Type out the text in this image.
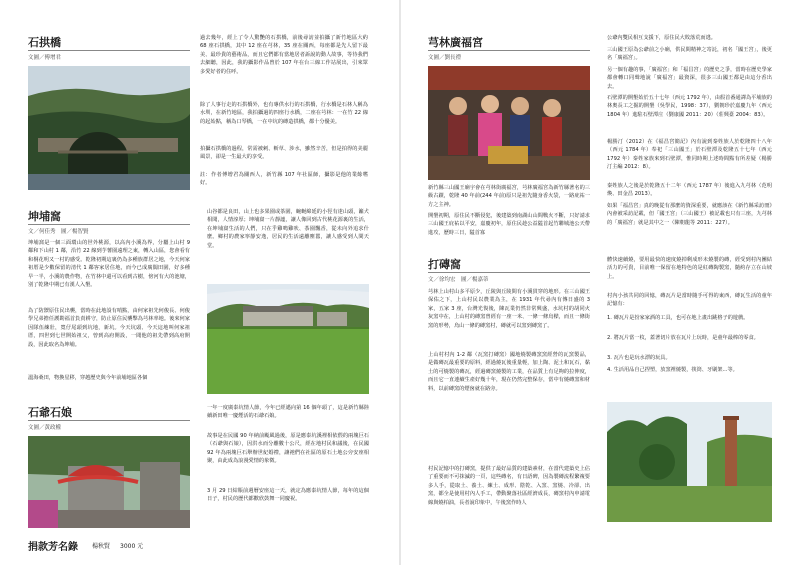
石拱橋
文圖／傅增君
過去幾年，經上了令人驚艷的石拱橋，前後尋訪並拍攝了新竹地區大約 68 座石拱橋，其中 12 座在芎林，35 座在關西，每座都是先人留下最美、最珍貴的藝術品，而且它們都有當地居者訴說的動人故事，等待我們去細聽，因此，我的攝影作品曾於 107 年在台三線工作站展出，引來眾多愛好者的住呼。
除了人事行走的石拱橋外，也有專供水行的石拱橋，行水橋是石林人稱為水圳，在新竹地區，我拍攝過的四座行水橋，二座在芎林：一在竹 22 線的起始點，稱為口琴橋，一在中坑的磚造拱橋，都十分優美。
拍攝石拱橋的過程，常需被剌、斬草、涉水，雖然辛苦，但是拍得的美麗風景，卻是一生最大的享受。
註：作者傅增君為關西人，新竹縣 107 年社區師，攝影是他的業餘嗜好。
坤埔窩
文／何佳秀　圖／楊智賢
坤埔窩是一個三面環山的世外桃源，以高內小溪為界，分屬上山村 9 鄰和下山村 1 鄰，沿竹 22 線到芋薯園遠理之東，轉入山區，您會看有和桐花明又一村的感受。乾隆初期這裏仍為多種族群居之地，今天何家祖厝是少數保留的清代 1 鄰客家居住地，而今已成廣闊田園，好多種早一半，小溪的農作物，在竹林中還可以看到古樹，傍河有大的池塘，別了乾隆中期已有漢人入墾。
為了防禦原住民出襲，當時在此地設有哨點，由何家祖先何俊長、何俊學兄弟擔任護勘福首負責耕守，防止原住民襲擊為芎林率地。後來何家因隊伍練壯，寬仔尾頭到坑地，新坑。今天坑頭、今天這地叫何家祖厝，四世到七世開始祖父，曾到高府開設，一聞他的祖先帶到高府開設，因此取名為坤埔。
溫海桑田，物換星移，穿越歷史與今年前埔地區各個
山谷都是良田，山上也多果園或茶園，蜿蜒綿延的小徑有達山頭，籬犬相聞，人情淳厚；坤埔窩一片靜謐，讓人像回到古代桃花源裏的生活，在坤埔窩生活的人們，只在乎雞鳴雞吠、茶園飄香，從未向外追求什麼。鄉村的農家寧靜安逸，居民的生活遠離塵囂，讓人感受到人間天堂。
石爺石娘
文圖／黃政權
一年一度廣泰坑情人節，今年已經邁向第 16 個年頭了，這是新竹縣陸續新田唯一慶煙活的石爺石娘。
故事是在民國 90 年納前颱風過後，原是應泰坑溪裡相依偎的兩塊巨石（石爺與石娘），因洪水而分離數十公尺，經在地村民和議後，在民國 92 年為兩塊巨石舉辦世紀婚禮，讓祂們在社區的原石土地公旁安座相聚，由此成為浪漫愛情的象徵。
3 月 29 日結賬前週曆安座這一天，就定為應泰坑情人節，每年的這個日子，村民的歷代都歡欣鼓舞一同慶祝。
捐款芳名錄 楊秋賢 3000 元
芎林廣福宮
文圖／劉長禮
新竹縣三山國王廟宇會在芎林街廣福宮，芎林廣福宮為新竹縣著名的三級古蹟，乾隆 40 年前(244 年前)原只是祖先隨身香火袋，一路庇祐一方之主神。
開墾初期，原住民不斷侵犯，後建築到南湖山山間戰火不斷，只好請求三山國王庇祐以平安，嘉慶初年，原住民趁公益隘首起竹聯城池公天帶進攻，歷時三日，隘首寡
公爺內雙民相互支援下，原住民大敗落荒而逃。
三山國王原為公爺前之小廟，供民間精神之寄託，初名「國王宮」，後更名「廣福宮」。
另一個有趣的事，「廣福宮」和「福昌宮」的歷史之爭，當時在歷史學家都會轉口同聲地說「廣福宮」最資深，很多三山國王都是由這分香出去。
石壁潭的開墾始於五十七年（西元 1792 年），由徦首番通譯為平埔族的林奧長工之掘的開墾（吳學民，1998：37），劉朝珍於嘉慶九年（西元 1804 年）進駐石壁潭庄（劉康國 2011：20）（莊興臺 2004：83）。
楊勝汀（2012）在《福昌宮簡記》內有說到秦姓族人於乾隆四十八年（西元 1784 年）奉祀「三山國王」於石壁潭及乾隆五十七年（西元 1792 年）秦姓家族來到石壁潭，惟同時期上述時間點有所差疑（楊勝汀主編 2012：8）。
秦姓族人之後是於乾隆五十二年（西元 1787 年）後進入九芎林（范明煥、田金昌 2013）。
如果「福昌宮」真的晚從有那麼的資深重要，就應該在《新竹縣采訪冊》內會被采訪記載，但「國王宮」（三山國王）被記載也只有三座，九芎林的「廣福宮」就是其中之一（陳朝龍等 2011：227）。
打磚窩
文／徐均宏　圖／楊嘉蒂
芎林上山村山多平原少，丘陵與丘陵間有小溪貫穿的地形。在三山國王保佑之下，上山村民以農業為主，在 1931 年代尋內有傳日盛的 3 家，五家 3 座，台灣光復後，陳瓦業仍然非常興盛，水坑村的胡同火灰窯中在，上山村的磚窯曾經有一座一米、一條一條烏樑，而且一條街窯的形勢，烏山一條的磚窯村，磚就可以窯到磚窯了。
上山村村內 1-2 鄰（瓦窯打磚窯）國地燒製磚窯窯經營的瓦窯製品，是做磚瓦最重要的原料，經過燒瓦後重量輕，加上陶、泥土和瓦石，黏土的可燒製的磚瓦，經過磚窯燒製的工業，在品質上有足夠的拉伸度，而且它一直連續生產好幾十年，現在仍然完整保存，當中有燒磚窯和材料，以前磚窯的煙囪就在路旁。
村民記憶中的打磚窯，提供了最好品質的建築素材，在當代建築史上佔了重要而不可抹滅的一頁，這些磚名，有日語碑，因為製磚流程繁複要多人手，從取土、養土、練土、成形、陰乾、入窯、窯燒、冷卻、出窯，都全是使用村內人手工，帶動聚落社區經濟成長，磚窯村內申請電線與燒柏油，長者說印象中，午後窯作時人
體快速續燒，要用最快的速度燒掉剩成形未燒製的磚，經受到村內團結活力的可貴，目前唯一保留在地特色的是紅磚陶製窯，隨約存立在山坡上。
村內小孩共同的回憶，磚瓦片是當時隨手可得的東西，磚瓦生活的童年記憶有：
1. 磚瓦片是扮家家酒的工具，也可在地上畫出跳格子的遊戲。
2. 將瓦片當一枚，蓋著切片放在瓦片上玩時，是童年最棒的零食。
3. 瓦片也是玩水漂的玩具。
4. 生活用品自己捏塑，放窯裡燒製，筷筒、牙刷架...等。
